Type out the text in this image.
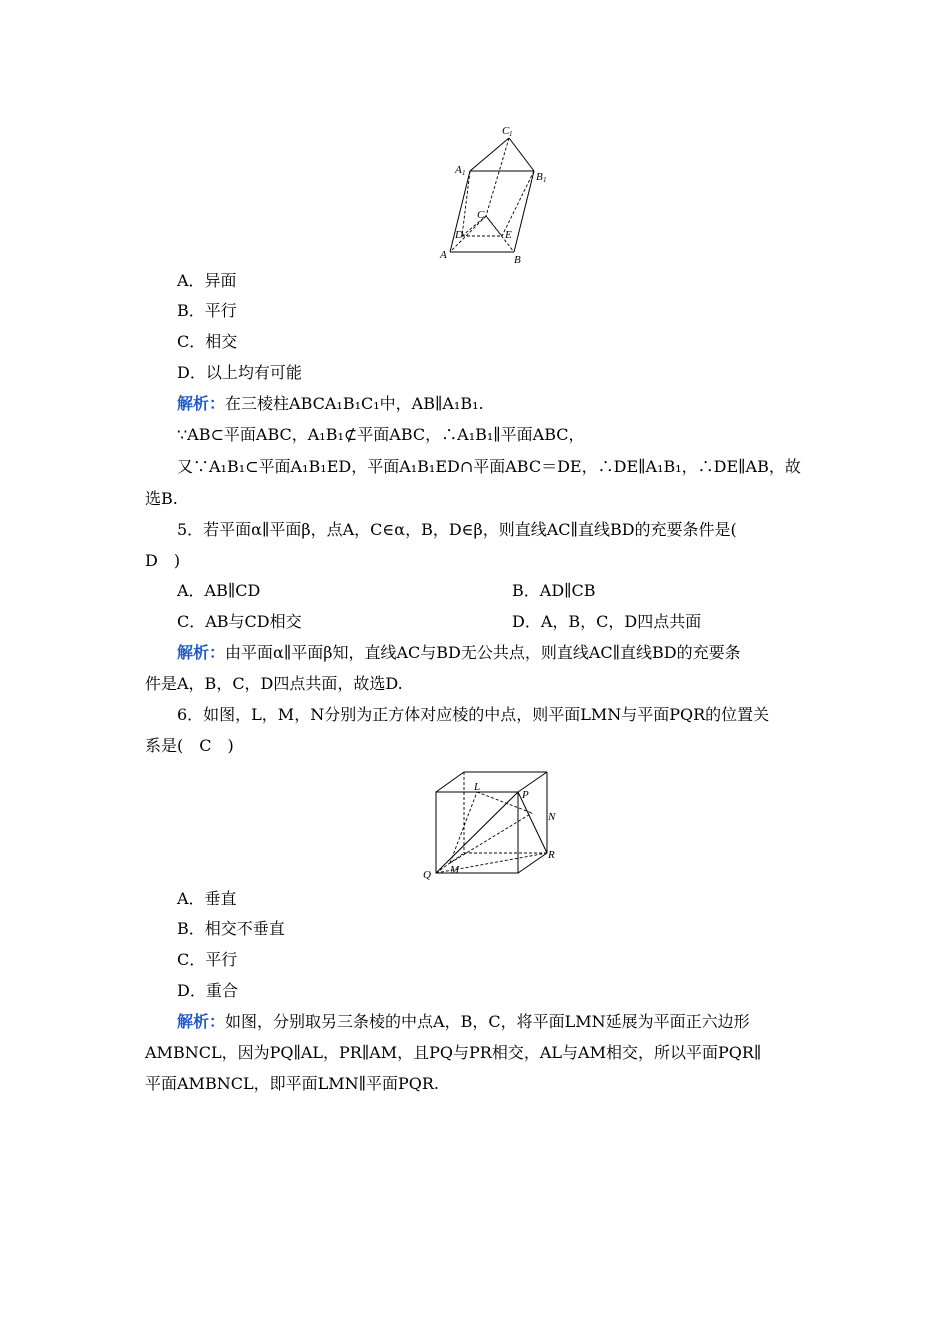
C 1
A 1	B 1
C
D	E
A	B
A．异面
B．平行
C．相交
D．以上均有可能
解析：在三棱柱ABCA₁B₁C₁中，AB∥A₁B₁.
∵AB⊂平面ABC，A₁B₁⊄平面ABC，∴A₁B₁∥平面ABC，
又∵A₁B₁⊂平面A₁B₁ED，平面A₁B₁ED∩平面ABC＝DE，∴DE∥A₁B₁，∴DE∥AB，故
选B.
5．若平面α∥平面β，点A，C∈α，B，D∈β，则直线AC∥直线BD的充要条件是(
D　)
A．AB∥CD	B．AD∥CB
C．AB与CD相交	D．A，B，C，D四点共面
解析：由平面α∥平面β知，直线AC与BD无公共点，则直线AC∥直线BD的充要条
件是A，B，C，D四点共面，故选D.
6．如图，L，M，N分别为正方体对应棱的中点，则平面LMN与平面PQR的位置关
系是(　C　)
L
P
N
R
Q M
A．垂直
B．相交不垂直
C．平行
D．重合
解析：如图，分别取另三条棱的中点A，B，C，将平面LMN延展为平面正六边形
AMBNCL，因为PQ∥AL，PR∥AM，且PQ与PR相交，AL与AM相交，所以平面PQR∥
平面AMBNCL，即平面LMN∥平面PQR.
